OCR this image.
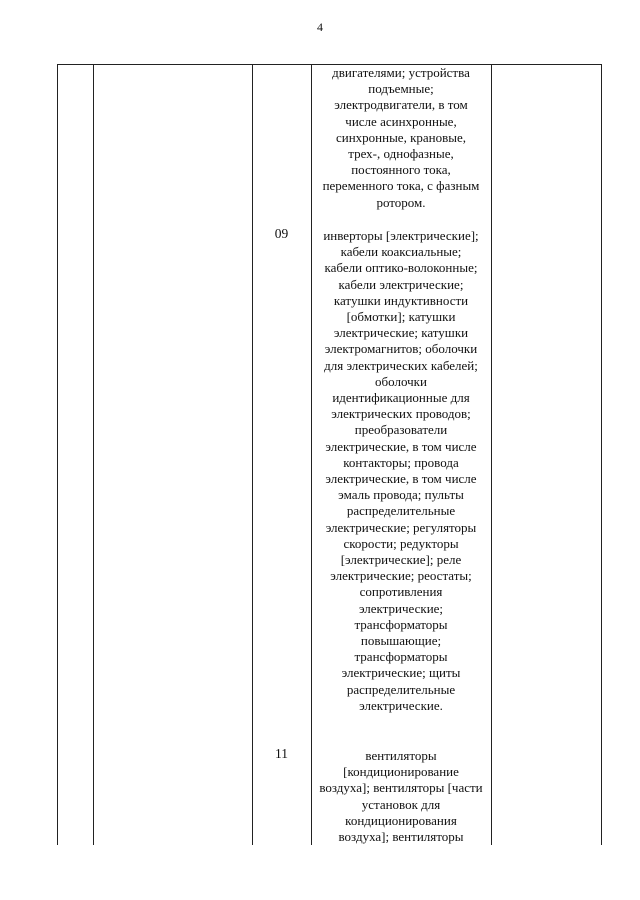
4
09
11
двигателями; устройства
подъемные;
электродвигатели, в том
числе асинхронные,
синхронные, крановые,
трех-, однофазные,
постоянного тока,
переменного тока, с фазным
ротором.
инверторы [электрические];
кабели коаксиальные;
кабели оптико-волоконные;
кабели электрические;
катушки индуктивности
[обмотки]; катушки
электрические; катушки
электромагнитов; оболочки
для электрических кабелей;
оболочки
идентификационные для
электрических проводов;
преобразователи
электрические, в том числе
контакторы; провода
электрические, в том числе
эмаль провода; пульты
распределительные
электрические; регуляторы
скорости; редукторы
[электрические]; реле
электрические; реостаты;
сопротивления
электрические;
трансформаторы
повышающие;
трансформаторы
электрические; щиты
распределительные
электрические.
вентиляторы
[кондиционирование
воздуха]; вентиляторы [части
установок для
кондиционирования
воздуха]; вентиляторы
